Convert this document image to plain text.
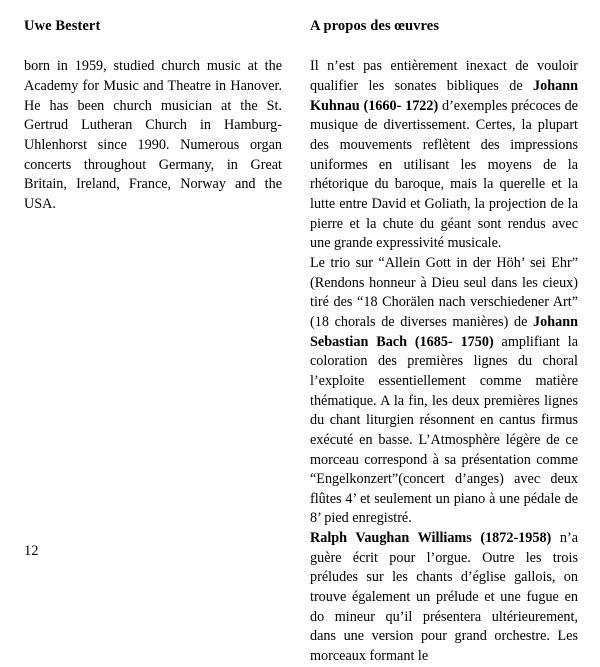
Uwe Bestert
born in 1959, studied church music at the Academy for Music and Theatre in Hanover. He has been church musician at the St. Gertrud Lutheran Church in Hamburg-Uhlenhorst since 1990. Numerous organ concerts throughout Germany, in Great Britain, Ireland, France, Norway and the USA.
A propos des œuvres
Il n’est pas entièrement inexact de vouloir qualifier les sonates bibliques de Johann Kuhnau (1660- 1722) d’exemples précoces de musique de divertissement. Certes, la plupart des mouvements reflètent des impressions uniformes en utilisant les moyens de la rhétorique du baroque, mais la querelle et la lutte entre David et Goliath, la projection de la pierre et la chute du géant sont rendus avec une grande expressivité musicale.
Le trio sur “Allein Gott in der Höh’ sei Ehr” (Rendons honneur à Dieu seul dans les cieux) tiré des “18 Chorälen nach verschiedener Art” (18 chorals de diverses manières) de Johann Sebastian Bach (1685- 1750) amplifiant la coloration des premières lignes du choral l’exploite essentiellement comme matière thématique. A la fin, les deux premières lignes du chant liturgien résonnent en cantus firmus exécuté en basse. L’Atmosphère légère de ce morceau correspond à sa présentation comme “Engelkonzert”(concert d’anges) avec deux flûtes 4’ et seulement un piano à une pédale de 8’ pied enregistré.
Ralph Vaughan Williams (1872-1958) n’a guère écrit pour l’orgue. Outre les trois préludes sur les chants d’église gallois, on trouve également un prélude et une fugue en do mineur qu’il présentera ultérieurement, dans une version pour grand orchestre. Les morceaux formant le
12
